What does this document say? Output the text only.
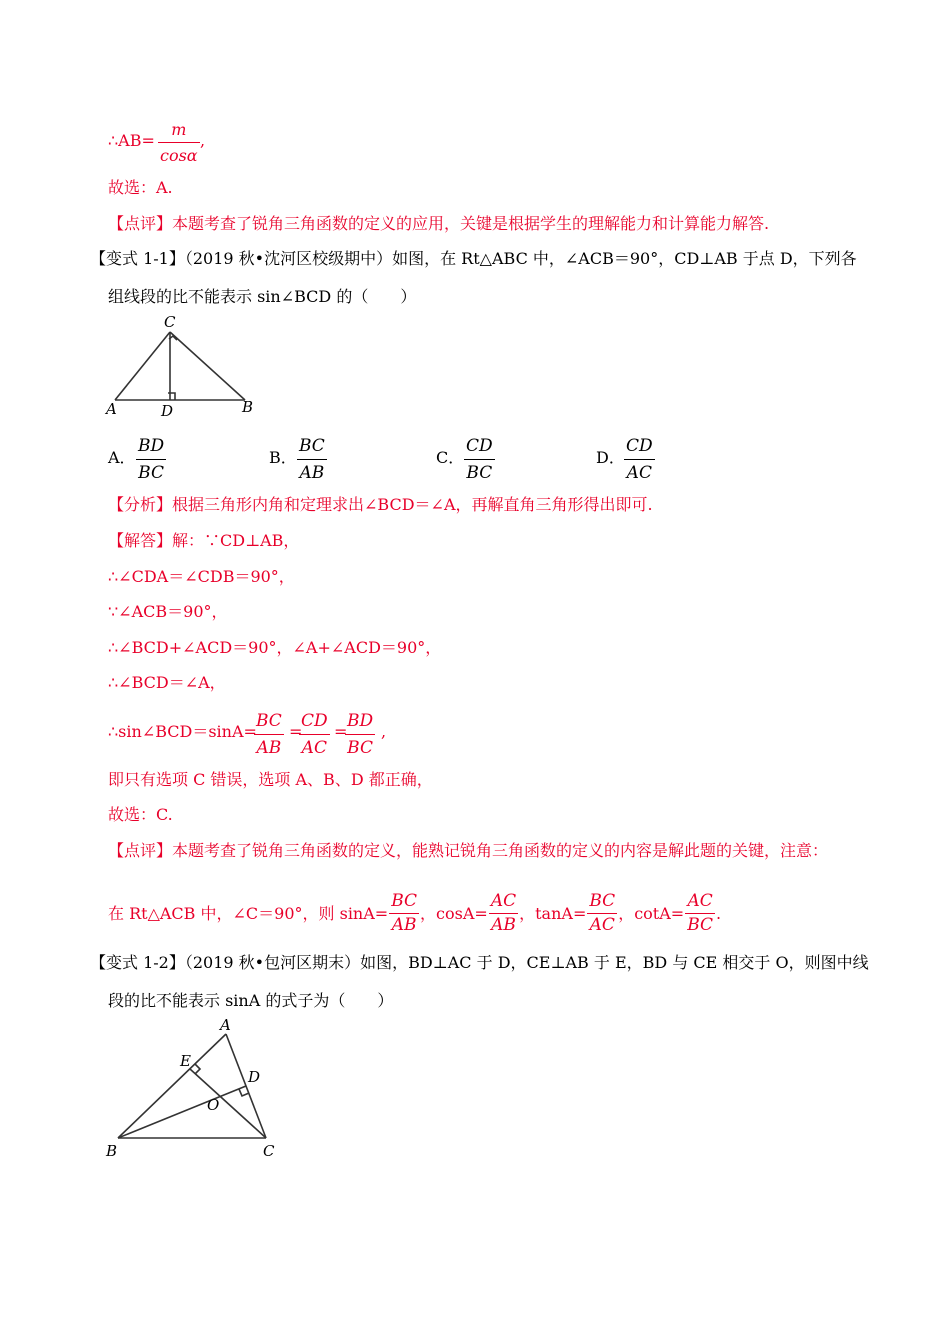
∴AB= $\frac{m}{\cos\alpha}$ ,
故选：A.
【点评】本题考查了锐角三角函数的定义的应用，关键是根据学生的理解能力和计算能力解答.
【变式 1-1】（2019 秋•沈河区校级期中）如图，在 Rt△ABC 中，∠ACB＝90°，CD⊥AB 于点 D，下列各
组线段的比不能表示 sin∠BCD 的（　　）
C
A	D	B
A． $\frac{BD}{BC}$	B． $\frac{BC}{AB}$	C． $\frac{CD}{BC}$	D． $\frac{CD}{AC}$
【分析】根据三角形内角和定理求出∠BCD＝∠A，再解直角三角形得出即可.
【解答】解：∵CD⊥AB，
∴∠CDA＝∠CDB＝90°，
∵∠ACB＝90°，
∴∠BCD+∠ACD＝90°，∠A+∠ACD＝90°，
∴∠BCD＝∠A，
∴sin∠BCD＝sinA=
$\frac{BC}{AB}$ =
$\frac{CD}{AC}$ =
$\frac{BD}{BC}$ ,
即只有选项 C 错误，选项 A、B、D 都正确，
故选：C.
【点评】本题考查了锐角三角函数的定义，能熟记锐角三角函数的定义的内容是解此题的关键，注意：
在 Rt△ACB 中，∠C＝90°，则 $\sin A= \frac{BC}{AB}$ ，$\cos A= \frac{AC}{AB}$ ，$\tan A= \frac{BC}{AC}$ ，$\cot A= \frac{AC}{BC}$ .
【变式 1-2】（2019 秋•包河区期末）如图，BD⊥AC 于 D，CE⊥AB 于 E，BD 与 CE 相交于 O，则图中线
段的比不能表示 sinA 的式子为（　　）
A
E
D
O
B	C
